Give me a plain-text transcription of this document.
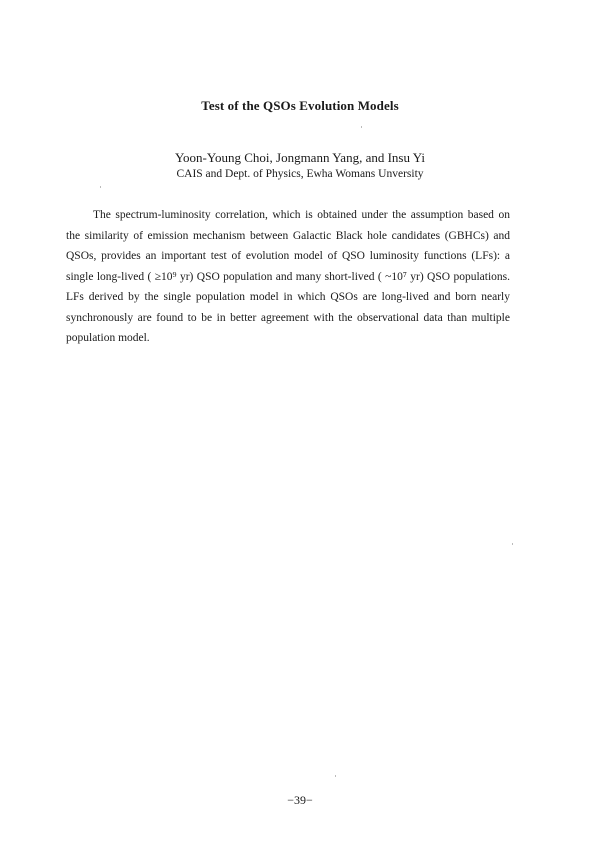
Test of the QSOs Evolution Models
Yoon-Young Choi, Jongmann Yang, and Insu Yi
CAIS and Dept. of Physics, Ewha Womans Unversity

The spectrum-luminosity correlation, which is obtained under the assumption based on the similarity of emission mechanism between Galactic Black hole candidates (GBHCs) and QSOs, provides an important test of evolution model of QSO luminosity functions (LFs): a single long-lived ( ≥10⁹ yr) QSO population and many short-lived ( ~10⁷ yr) QSO populations. LFs derived by the single population model in which QSOs are long-lived and born nearly synchronously are found to be in better agreement with the observational data than multiple population model.

−39−
